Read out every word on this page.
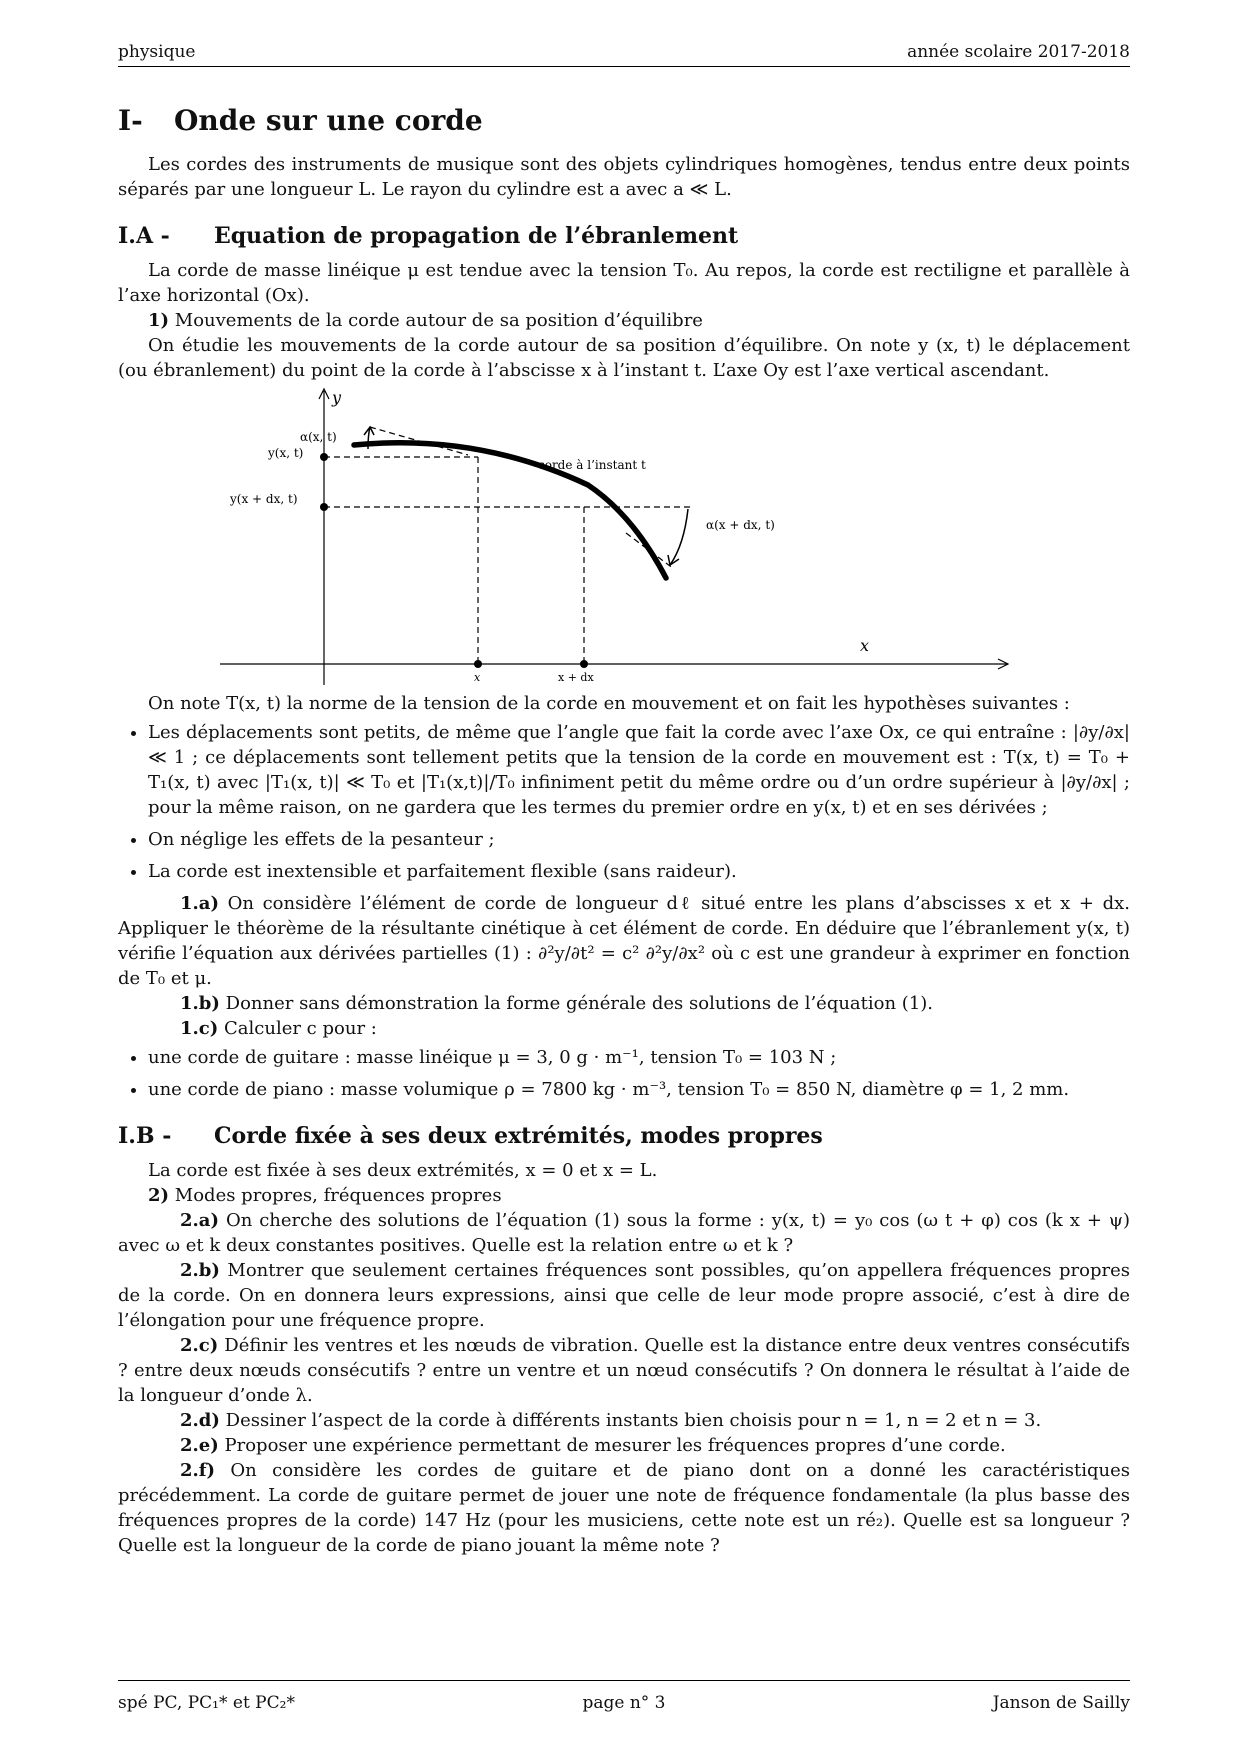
physique	année scolaire 2017-2018
I- Onde sur une corde

Les cordes des instruments de musique sont des objets cylindriques homogènes, tendus entre deux points séparés par une longueur L. Le rayon du cylindre est a avec a ≪ L.

I.A - Equation de propagation de l’ébranlement

La corde de masse linéique μ est tendue avec la tension T₀. Au repos, la corde est rectiligne et parallèle à l’axe horizontal (Ox).

1) Mouvements de la corde autour de sa position d’équilibre

On étudie les mouvements de la corde autour de sa position d’équilibre. On note y (x, t) le déplacement (ou ébranlement) du point de la corde à l’abscisse x à l’instant t. L’axe Oy est l’axe vertical ascendant.

y
x
α(x, t)
y(x, t)
y(x + dx, t)
corde à l’instant t
α(x + dx, t)
x	x + dx

On note T(x, t) la norme de la tension de la corde en mouvement et on fait les hypothèses suivantes :

• Les déplacements sont petits, de même que l’angle que fait la corde avec l’axe Ox, ce qui entraîne : |∂y/∂x| ≪ 1 ; ce déplacements sont tellement petits que la tension de la corde en mouvement est : T(x, t) = T₀ + T₁(x, t) avec |T₁(x, t)| ≪ T₀ et |T₁(x,t)|/T₀ infiniment petit du même ordre ou d’un ordre supérieur à |∂y/∂x| ; pour la même raison, on ne gardera que les termes du premier ordre en y(x, t) et en ses dérivées ;
• On néglige les effets de la pesanteur ;
• La corde est inextensible et parfaitement flexible (sans raideur).

1.a) On considère l’élément de corde de longueur dℓ situé entre les plans d’abscisses x et x + dx. Appliquer le théorème de la résultante cinétique à cet élément de corde. En déduire que l’ébranlement y(x, t) vérifie l’équation aux dérivées partielles (1) : ∂²y/∂t² = c² ∂²y/∂x² où c est une grandeur à exprimer en fonction de T₀ et μ.

1.b) Donner sans démonstration la forme générale des solutions de l’équation (1).

1.c) Calculer c pour :

• une corde de guitare : masse linéique μ = 3, 0 g · m⁻¹, tension T₀ = 103 N ;
• une corde de piano : masse volumique ρ = 7800 kg · m⁻³, tension T₀ = 850 N, diamètre φ = 1, 2 mm.
I.B - Corde fixée à ses deux extrémités, modes propres

La corde est fixée à ses deux extrémités, x = 0 et x = L.

2) Modes propres, fréquences propres

2.a) On cherche des solutions de l’équation (1) sous la forme : y(x, t) = y₀ cos (ω t + φ) cos (k x + ψ) avec ω et k deux constantes positives. Quelle est la relation entre ω et k ?

2.b) Montrer que seulement certaines fréquences sont possibles, qu’on appellera fréquences propres de la corde. On en donnera leurs expressions, ainsi que celle de leur mode propre associé, c’est à dire de l’élongation pour une fréquence propre.

2.c) Définir les ventres et les nœuds de vibration. Quelle est la distance entre deux ventres consécutifs ? entre deux nœuds consécutifs ? entre un ventre et un nœud consécutifs ? On donnera le résultat à l’aide de la longueur d’onde λ.

2.d) Dessiner l’aspect de la corde à différents instants bien choisis pour n = 1, n = 2 et n = 3.

2.e) Proposer une expérience permettant de mesurer les fréquences propres d’une corde.

2.f) On considère les cordes de guitare et de piano dont on a donné les caractéristiques précédemment. La corde de guitare permet de jouer une note de fréquence fondamentale (la plus basse des fréquences propres de la corde) 147 Hz (pour les musiciens, cette note est un ré₂). Quelle est sa longueur ? Quelle est la longueur de la corde de piano jouant la même note ?

spé PC, PC₁* et PC₂*	page n° 3	Janson de Sailly
